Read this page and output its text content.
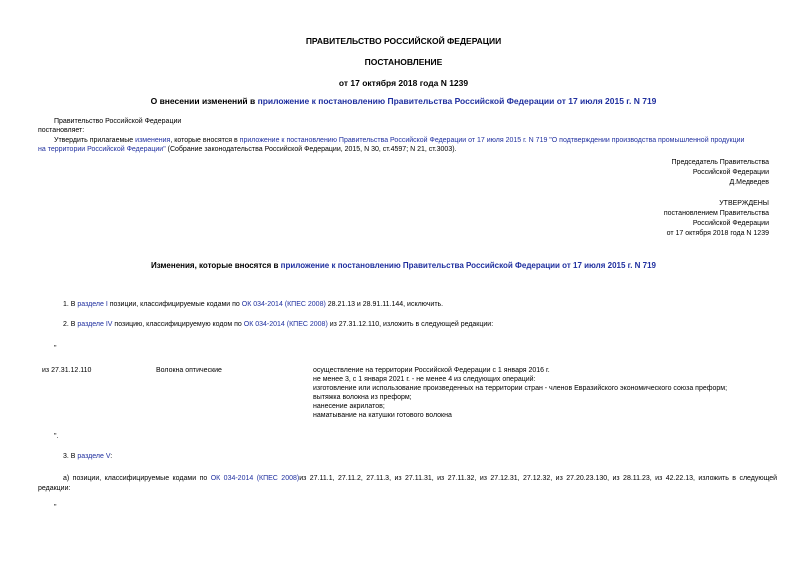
ПРАВИТЕЛЬСТВО РОССИЙСКОЙ ФЕДЕРАЦИИ
ПОСТАНОВЛЕНИЕ
от 17 октября 2018 года N 1239
О внесении изменений в приложение к постановлению Правительства Российской Федерации от 17 июля 2015 г. N 719
Правительство Российской Федерации
постановляет:
Утвердить прилагаемые изменения, которые вносятся в приложение к постановлению Правительства Российской Федерации от 17 июля 2015 г. N 719 "О подтверждении производства промышленной продукции
на территории Российской Федерации" (Собрание законодательства Российской Федерации, 2015, N 30, ст.4597; N 21, ст.3003).
Председатель Правительства
Российской Федерации
Д.Медведев
УТВЕРЖДЕНЫ
постановлением Правительства
Российской Федерации
от 17 октября 2018 года N 1239
Изменения, которые вносятся в приложение к постановлению Правительства Российской Федерации от 17 июля 2015 г. N 719
1. В разделе I позиции, классифицируемые кодами по ОК 034-2014 (КПЕС 2008) 28.21.13 и 28.91.11.144, исключить.
2. В разделе IV позицию, классифицируемую кодом по ОК 034-2014 (КПЕС 2008) из 27.31.12.110, изложить в следующей редакции:
"
из 27.31.12.110	Волокна оптические	осуществление на территории Российской Федерации с 1 января 2016 г.
не менее 3, с 1 января 2021 г. - не менее 4 из следующих операций:
изготовление или использование произведенных на территории стран - членов Евразийского экономического союза преформ;
вытяжка волокна из преформ;
нанесение акрилатов;
наматывание на катушки готового волокна
".
3. В разделе V:
а) позиции, классифицируемые кодами по ОК 034-2014 (КПЕС 2008)из 27.11.1, 27.11.2, 27.11.3, из 27.11.31, из 27.11.32, из 27.12.31, 27.12.32, из 27.20.23.130, из 28.11.23, из 42.22.13, изложить в следующей
редакции:
"
